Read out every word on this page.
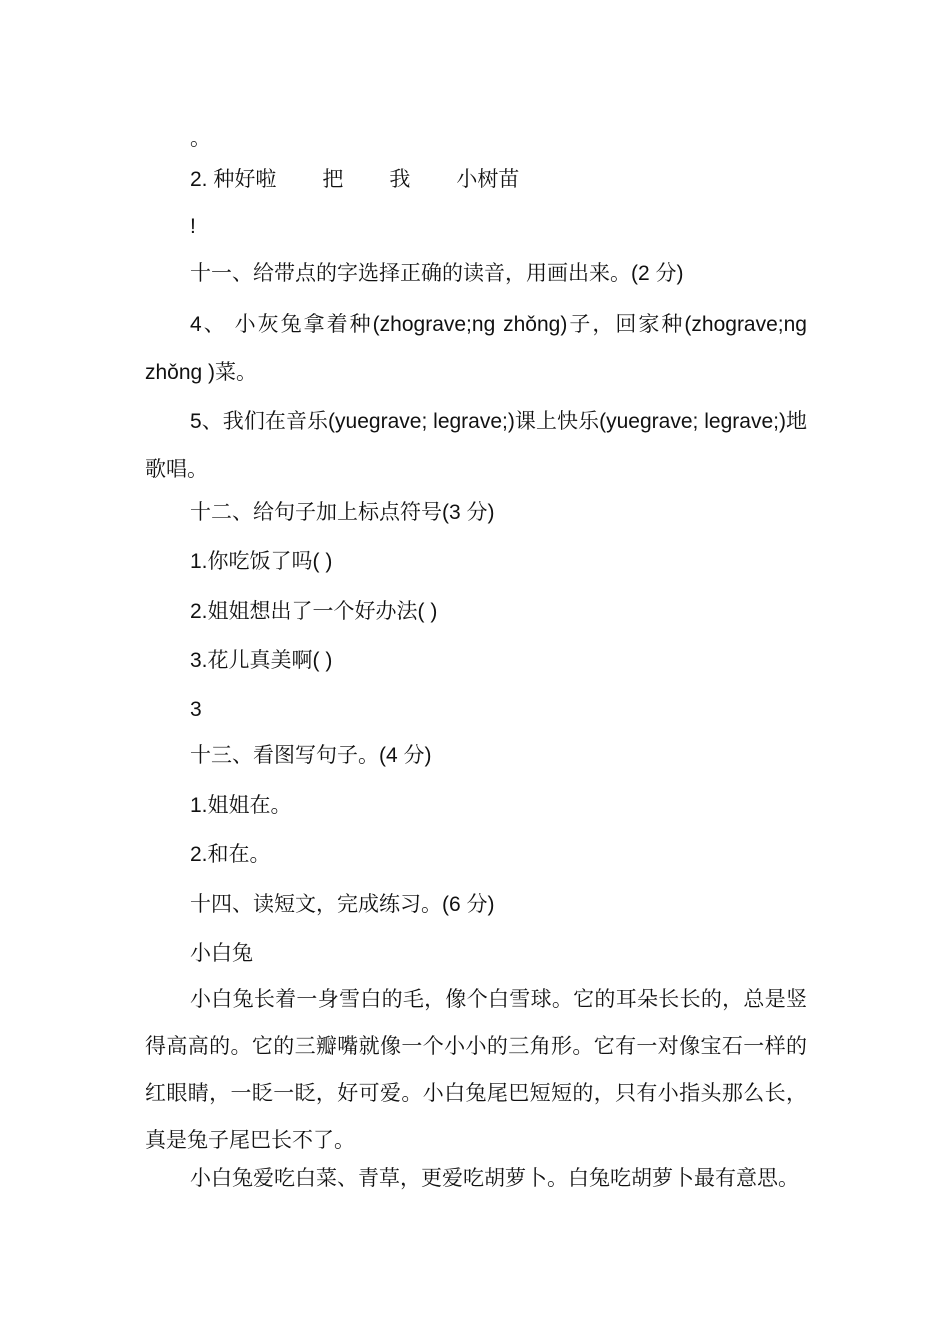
。
2. 种好啦 把 我 小树苗
!
十一、给带点的字选择正确的读音，用画出来。(2 分)
4、 小灰兔拿着种(zhograve;ng zhǒng)子，回家种(zhograve;ng zhǒng )菜。
5、我们在音乐(yuegrave; legrave;)课上快乐(yuegrave; legrave;)地歌唱。
十二、给句子加上标点符号(3 分)
1.你吃饭了吗( )
2.姐姐想出了一个好办法( )
3.花儿真美啊( )
3
十三、看图写句子。(4 分)
1.姐姐在。
2.和在。
十四、读短文，完成练习。(6 分)
小白兔
小白兔长着一身雪白的毛，像个白雪球。它的耳朵长长的，总是竖得高高的。它的三瓣嘴就像一个小小的三角形。它有一对像宝石一样的红眼睛，一眨一眨，好可爱。小白兔尾巴短短的，只有小指头那么长，真是兔子尾巴长不了。
小白兔爱吃白菜、青草，更爱吃胡萝卜。白兔吃胡萝卜最有意思。
